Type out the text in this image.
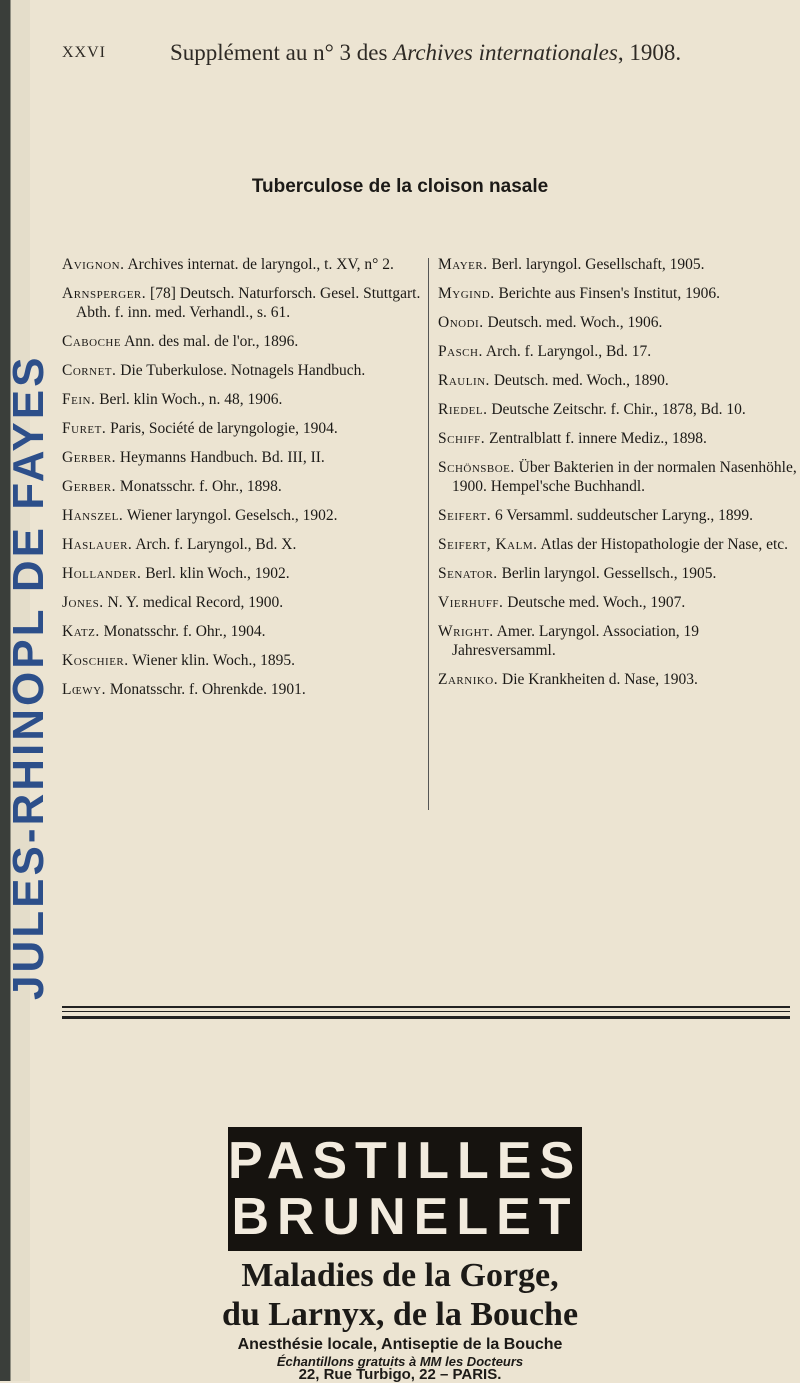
JULES-RHINOPL DE FAYES
XXVI	Supplément au n° 3 des Archives internationales, 1908.
Tuberculose de la cloison nasale
Avignon. Archives internat. de laryngol., t. XV, n° 2.
Arnsperger. [78] Deutsch. Naturforsch. Gesel. Stuttgart. Abth. f. inn. med. Verhandl., s. 61.
Caboche Ann. des mal. de l'or., 1896.
Cornet. Die Tuberkulose. Notnagels Handbuch.
Fein. Berl. klin Woch., n. 48, 1906.
Furet. Paris, Société de laryngologie, 1904.
Gerber. Heymanns Handbuch. Bd. III, II.
Gerber. Monatsschr. f. Ohr., 1898.
Hanszel. Wiener laryngol. Geselsch., 1902.
Haslauer. Arch. f. Laryngol., Bd. X.
Hollander. Berl. klin Woch., 1902.
Jones. N. Y. medical Record, 1900.
Katz. Monatsschr. f. Ohr., 1904.
Koschier. Wiener klin. Woch., 1895.
Lœwy. Monatsschr. f. Ohrenkde. 1901.
Mayer. Berl. laryngol. Gesellschaft, 1905.
Mygind. Berichte aus Finsen's Institut, 1906.
Onodi. Deutsch. med. Woch., 1906.
Pasch. Arch. f. Laryngol., Bd. 17.
Raulin. Deutsch. med. Woch., 1890.
Riedel. Deutsche Zeitschr. f. Chir., 1878, Bd. 10.
Schiff. Zentralblatt f. innere Mediz., 1898.
Schönsboe. Über Bakterien in der normalen Nasenhöhle, 1900. Hempel'sche Buchhandl.
Seifert. 6 Versamml. suddeutscher Laryng., 1899.
Seifert, Kalm. Atlas der Histopathologie der Nase, etc.
Senator. Berlin laryngol. Gessellsch., 1905.
Vierhuff. Deutsche med. Woch., 1907.
Wright. Amer. Laryngol. Association, 19 Jahresversamml.
Zarniko. Die Krankheiten d. Nase, 1903.
PASTILLES
BRUNELET
Maladies de la Gorge,
du Larnyx, de la Bouche
Anesthésie locale, Antiseptie de la Bouche
Échantillons gratuits à MM les Docteurs
22, Rue Turbigo, 22 – PARIS.
